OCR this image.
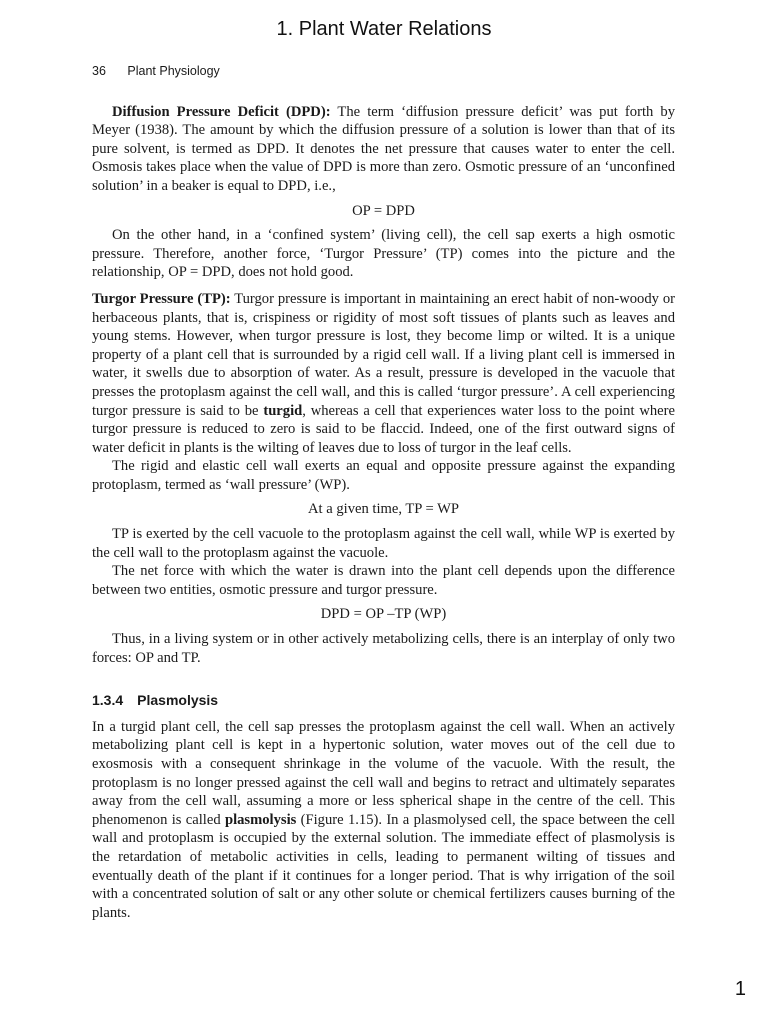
1. Plant Water Relations
36 Plant Physiology

Diffusion Pressure Deficit (DPD): The term ‘diffusion pressure deficit’ was put forth by Meyer (1938). The amount by which the diffusion pressure of a solution is lower than that of its pure solvent, is termed as DPD. It denotes the net pressure that causes water to enter the cell. Osmosis takes place when the value of DPD is more than zero. Osmotic pressure of an ‘unconfined solution’ in a beaker is equal to DPD, i.e.,

OP = DPD

On the other hand, in a ‘confined system’ (living cell), the cell sap exerts a high osmotic pressure. Therefore, another force, ‘Turgor Pressure’ (TP) comes into the picture and the relationship, OP = DPD, does not hold good.

Turgor Pressure (TP): Turgor pressure is important in maintaining an erect habit of non-woody or herbaceous plants, that is, crispiness or rigidity of most soft tissues of plants such as leaves and young stems. However, when turgor pressure is lost, they become limp or wilted. It is a unique property of a plant cell that is surrounded by a rigid cell wall. If a living plant cell is immersed in water, it swells due to absorption of water. As a result, pressure is developed in the vacuole that presses the protoplasm against the cell wall, and this is called ‘turgor pressure’. A cell experiencing turgor pressure is said to be turgid, whereas a cell that experiences water loss to the point where turgor pressure is reduced to zero is said to be flaccid. Indeed, one of the first outward signs of water deficit in plants is the wilting of leaves due to loss of turgor in the leaf cells.

The rigid and elastic cell wall exerts an equal and opposite pressure against the expanding protoplasm, termed as ‘wall pressure’ (WP).

At a given time, TP = WP

TP is exerted by the cell vacuole to the protoplasm against the cell wall, while WP is exerted by the cell wall to the protoplasm against the vacuole.

The net force with which the water is drawn into the plant cell depends upon the difference between two entities, osmotic pressure and turgor pressure.

DPD = OP –TP (WP)

Thus, in a living system or in other actively metabolizing cells, there is an interplay of only two forces: OP and TP.

1.3.4 Plasmolysis

In a turgid plant cell, the cell sap presses the protoplasm against the cell wall. When an actively metabolizing plant cell is kept in a hypertonic solution, water moves out of the cell due to exosmosis with a consequent shrinkage in the volume of the vacuole. With the result, the protoplasm is no longer pressed against the cell wall and begins to retract and ultimately separates away from the cell wall, assuming a more or less spherical shape in the centre of the cell. This phenomenon is called plasmolysis (Figure 1.15). In a plasmolysed cell, the space between the cell wall and protoplasm is occupied by the external solution. The immediate effect of plasmolysis is the retardation of metabolic activities in cells, leading to permanent wilting of tissues and eventually death of the plant if it continues for a longer period. That is why irrigation of the soil with a concentrated solution of salt or any other solute or chemical fertilizers causes burning of the plants.

1
